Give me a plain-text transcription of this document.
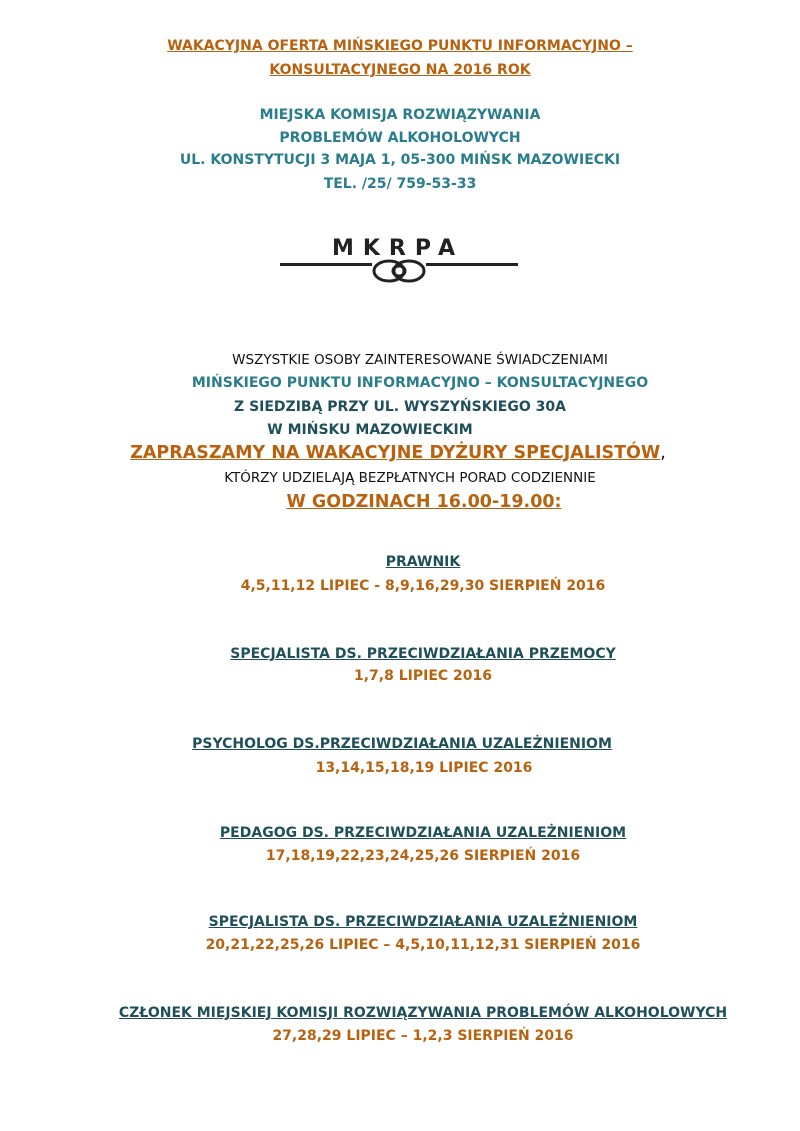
WAKACYJNA OFERTA MIŃSKIEGO PUNKTU INFORMACYJNO –
KONSULTACYJNEGO NA 2016 ROK
MIEJSKA KOMISJA ROZWIĄZYWANIA
PROBLEMÓW ALKOHOLOWYCH
UL. KONSTYTUCJI 3 MAJA 1, 05-300 MIŃSK MAZOWIECKI
TEL. /25/ 759-53-33
MKRPA
WSZYSTKIE OSOBY ZAINTERESOWANE ŚWIADCZENIAMI
MIŃSKIEGO PUNKTU INFORMACYJNO – KONSULTACYJNEGO
Z SIEDZIBĄ PRZY UL. WYSZYŃSKIEGO 30A
W MIŃSKU MAZOWIECKIM
ZAPRASZAMY NA WAKACYJNE DYŻURY SPECJALISTÓW,
KTÓRZY UDZIELAJĄ BEZPŁATNYCH PORAD CODZIENNIE
W GODZINACH 16.00-19.00:
PRAWNIK
4,5,11,12 LIPIEC - 8,9,16,29,30 SIERPIEŃ 2016
SPECJALISTA DS. PRZECIWDZIAŁANIA PRZEMOCY
1,7,8 LIPIEC 2016
PSYCHOLOG DS.PRZECIWDZIAŁANIA UZALEŻNIENIOM
13,14,15,18,19 LIPIEC 2016
PEDAGOG DS. PRZECIWDZIAŁANIA UZALEŻNIENIOM
17,18,19,22,23,24,25,26 SIERPIEŃ 2016
SPECJALISTA DS. PRZECIWDZIAŁANIA UZALEŻNIENIOM
20,21,22,25,26 LIPIEC – 4,5,10,11,12,31 SIERPIEŃ 2016
CZŁONEK MIEJSKIEJ KOMISJI ROZWIĄZYWANIA PROBLEMÓW ALKOHOLOWYCH
27,28,29 LIPIEC – 1,2,3 SIERPIEŃ 2016
